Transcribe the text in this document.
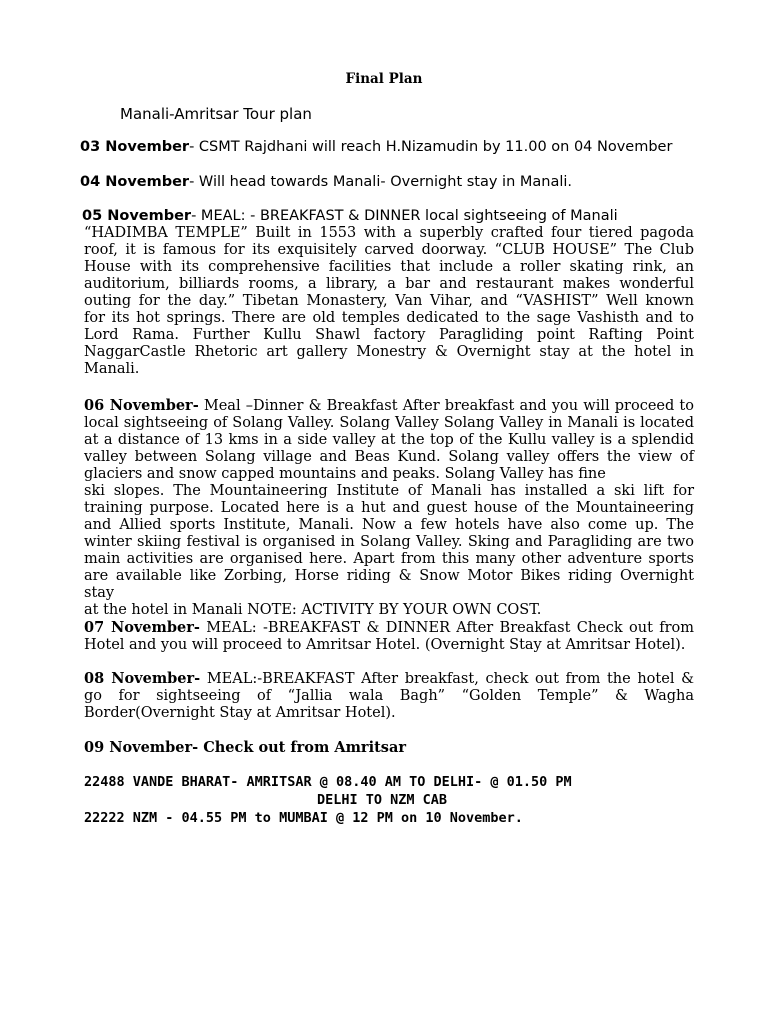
Final Plan
Manali-Amritsar Tour plan
03 November- CSMT Rajdhani will reach H.Nizamudin by 11.00 on 04 November
04 November- Will head towards Manali- Overnight stay in Manali.
05 November- MEAL: - BREAKFAST & DINNER local sightseeing of Manali
“HADIMBA TEMPLE” Built in 1553 with a superbly crafted four tiered pagoda
roof, it is famous for its exquisitely carved doorway. “CLUB HOUSE” The Club
House with its comprehensive facilities that include a roller skating rink, an
auditorium, billiards rooms, a library, a bar and restaurant makes wonderful
outing for the day.” Tibetan Monastery, Van Vihar, and “VASHIST” Well known
for its hot springs. There are old temples dedicated to the sage Vashisth and to
Lord Rama. Further Kullu Shawl factory Paragliding point Rafting Point
NaggarCastle Rhetoric art gallery Monestry & Overnight stay at the hotel in
Manali.
06 November- Meal –Dinner & Breakfast After breakfast and you will proceed to
local sightseeing of Solang Valley. Solang Valley Solang Valley in Manali is located
at a distance of 13 kms in a side valley at the top of the Kullu valley is a splendid
valley between Solang village and Beas Kund. Solang valley offers the view of
glaciers and snow capped mountains and peaks. Solang Valley has fine
ski slopes. The Mountaineering Institute of Manali has installed a ski lift for
training purpose. Located here is a hut and guest house of the Mountaineering
and Allied sports Institute, Manali. Now a few hotels have also come up. The
winter skiing festival is organised in Solang Valley. Sking and Paragliding are two
main activities are organised here. Apart from this many other adventure sports
are available like Zorbing, Horse riding & Snow Motor Bikes riding Overnight stay
at the hotel in Manali NOTE: ACTIVITY BY YOUR OWN COST.
07 November- MEAL: -BREAKFAST & DINNER After Breakfast Check out from
Hotel and you will proceed to Amritsar Hotel. (Overnight Stay at Amritsar Hotel).
08 November- MEAL:-BREAKFAST After breakfast, check out from the hotel &
go for sightseeing of “Jallia wala Bagh” “Golden Temple” & Wagha
Border(Overnight Stay at Amritsar Hotel).
09 November- Check out from Amritsar
22488 VANDE BHARAT- AMRITSAR @ 08.40 AM TO DELHI- @ 01.50 PM
DELHI TO NZM CAB
22222 NZM - 04.55 PM to MUMBAI @ 12 PM on 10 November.
